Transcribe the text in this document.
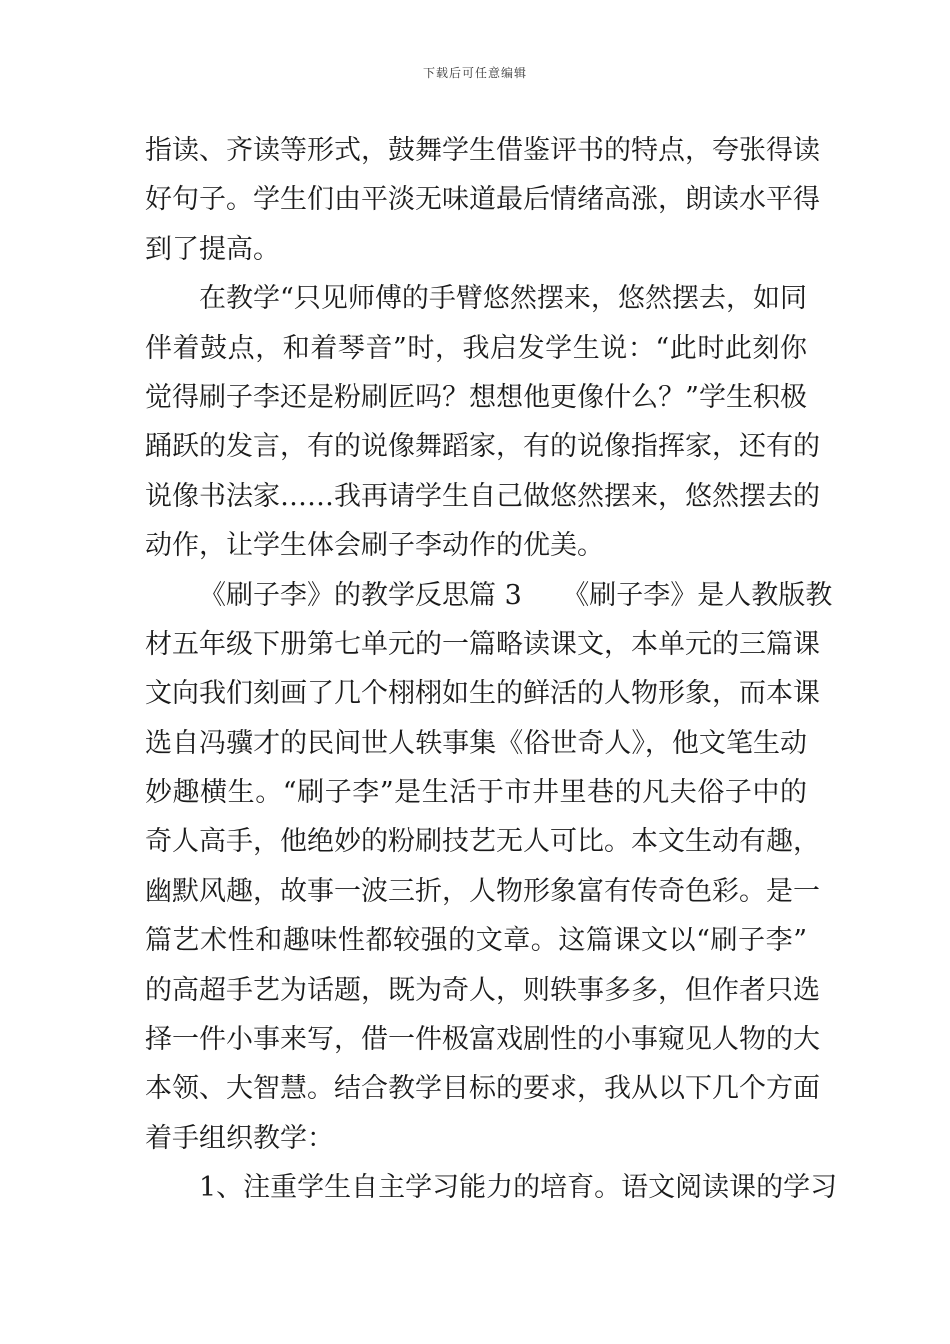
下载后可任意编辑
指读、齐读等形式，鼓舞学生借鉴评书的特点，夸张得读
好句子。学生们由平淡无味道最后情绪高涨，朗读水平得
到了提高。
在教学“只见师傅的手臂悠然摆来，悠然摆去，如同
伴着鼓点，和着琴音”时，我启发学生说：“此时此刻你
觉得刷子李还是粉刷匠吗？想想他更像什么？”学生积极
踊跃的发言，有的说像舞蹈家，有的说像指挥家，还有的
说像书法家……我再请学生自己做悠然摆来，悠然摆去的
动作，让学生体会刷子李动作的优美。
《刷子李》的教学反思篇 3　　《刷子李》是人教版教
材五年级下册第七单元的一篇略读课文，本单元的三篇课
文向我们刻画了几个栩栩如生的鲜活的人物形象，而本课
选自冯骥才的民间世人轶事集《俗世奇人》，他文笔生动
妙趣横生。“刷子李”是生活于市井里巷的凡夫俗子中的
奇人高手，他绝妙的粉刷技艺无人可比。本文生动有趣，
幽默风趣，故事一波三折，人物形象富有传奇色彩。是一
篇艺术性和趣味性都较强的文章。这篇课文以“刷子李”
的高超手艺为话题，既为奇人，则轶事多多，但作者只选
择一件小事来写，借一件极富戏剧性的小事窥见人物的大
本领、大智慧。结合教学目标的要求，我从以下几个方面
着手组织教学：
1、注重学生自主学习能力的培育。语文阅读课的学习
